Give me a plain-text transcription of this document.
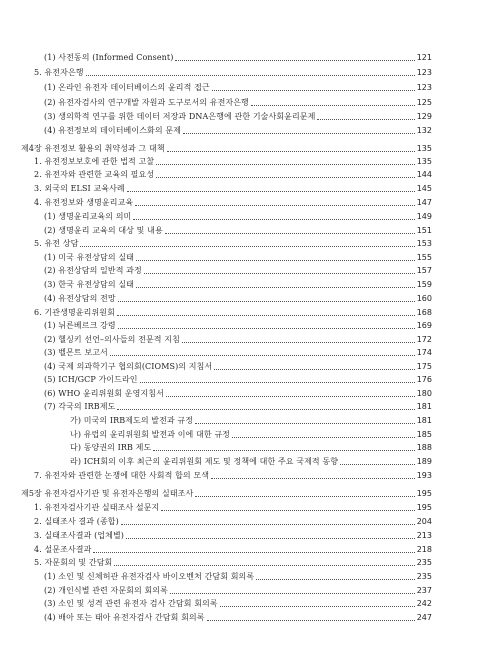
(1) 사전동의 (Informed Consent)	121
5. 유전자은행	123
(1) 온라인 유전자 데이터베이스의 윤리적 접근	123
(2) 유전자검사의 연구개발 자원과 도구로서의 유전자은행	125
(3) 생의학적 연구를 위한 데이터 저장과 DNA은행에 관한 기술사회윤리문제	129
(4) 유전정보의 데이터베이스화의 문제	132
제4장 유전정보 활용의 취약성과 그 대책	135
1. 유전정보보호에 관한 법적 고찰	135
2. 유전자와 관련한 교육의 필요성	144
3. 외국의 ELSI 교육사례	145
4. 유전정보와 생명윤리교육	147
(1) 생명윤리교육의 의미	149
(2) 생명윤리 교육의 대상 및 내용	151
5. 유전 상담	153
(1) 미국 유전상담의 실태	155
(2) 유전상담의 일반적 과정	157
(3) 한국 유전상담의 실태	159
(4) 유전상담의 전망	160
6. 기관생명윤리위원회	168
(1) 뉘른베르크 강령	169
(2) 헬싱키 선언–의사들의 전문적 지침	172
(3) 벨몬트 보고서	174
(4) 국제 의과학기구 협의회(CIOMS)의 지침서	175
(5) ICH/GCP 가이드라인	176
(6) WHO 윤리위원회 운영지침서	180
(7) 각국의 IRB제도	181
가) 미국의 IRB제도의 발전과 규정	181
나) 유럽의 윤리위원회 발전과 이에 대한 규정	185
다) 동양권의 IRB 제도	188
라) ICH회의 이후 최근의 윤리위원회 제도 및 정책에 대한 주요 국제적 동향	189
7. 유전자와 관련한 논쟁에 대한 사회적 합의 모색	193
제5장 유전자검사기관 및 유전자은행의 실태조사	195
1. 유전자검사기관 실태조사 설문지	195
2. 실태조사 결과 (종합)	204
3. 실태조사결과 (업체별)	213
4. 설문조사결과	218
5. 자문회의 및 간담회	235
(1) 소인 및 신체허관 유전자검사 바이오벤처 간담회 회의록	235
(2) 개인식별 관련 자문회의 회의록	237
(3) 소인 및 성격 관련 유전자 검사 간담회 회의록	242
(4) 배아 또는 태아 유전자검사 간담회 회의록	247
